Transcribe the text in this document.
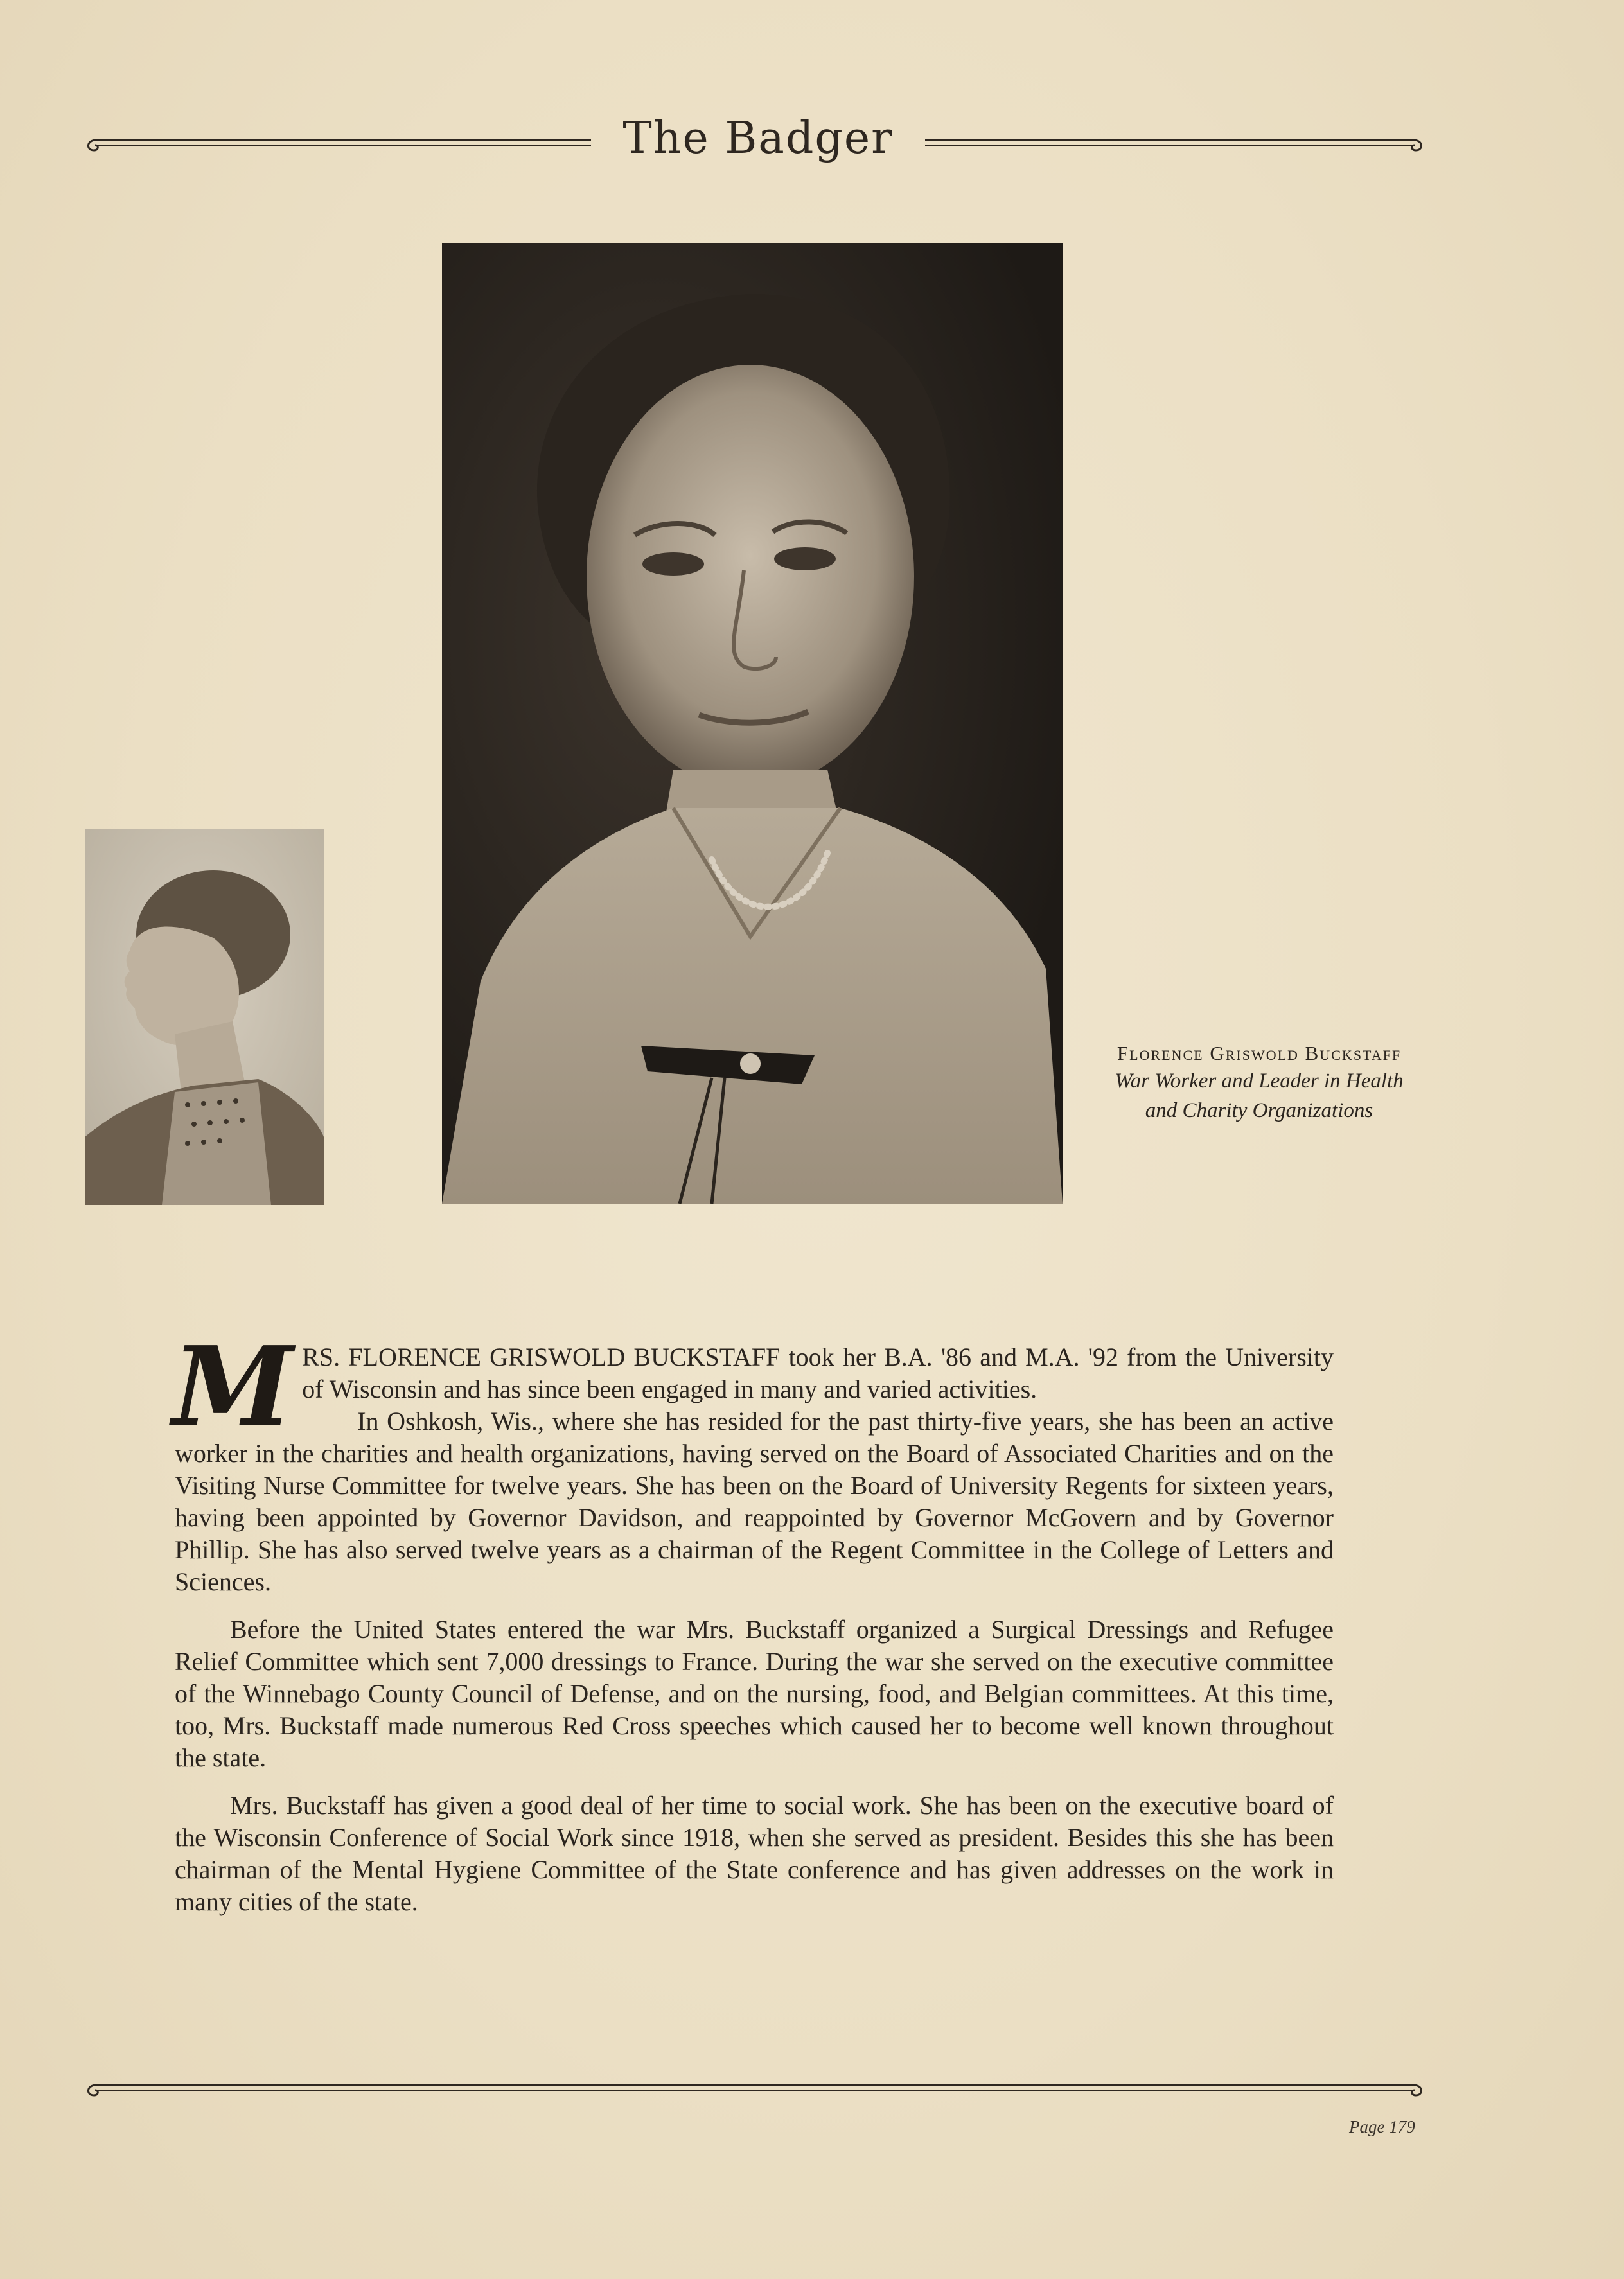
The Badger
Florence Griswold Buckstaff
War Worker and Leader in Health
and Charity Organizations

M RS. FLORENCE GRISWOLD BUCKSTAFF took her B.A. '86 and M.A. '92 from the University of Wisconsin and has since been engaged in many and varied activities.
In Oshkosh, Wis., where she has resided for the past thirty-five years, she has been an active worker in the charities and health organizations, having served on the Board of Associated Charities and on the Visiting Nurse Committee for twelve years. She has been on the Board of University Regents for sixteen years, having been appointed by Governor Davidson, and reappointed by Governor McGovern and by Governor Phillip. She has also served twelve years as a chairman of the Regent Committee in the College of Letters and Sciences.

Before the United States entered the war Mrs. Buckstaff organized a Surgical Dressings and Refugee Relief Committee which sent 7,000 dressings to France. During the war she served on the executive committee of the Winnebago County Council of Defense, and on the nursing, food, and Belgian committees. At this time, too, Mrs. Buckstaff made numerous Red Cross speeches which caused her to become well known throughout the state.

Mrs. Buckstaff has given a good deal of her time to social work. She has been on the executive board of the Wisconsin Conference of Social Work since 1918, when she served as president. Besides this she has been chairman of the Mental Hygiene Committee of the State conference and has given addresses on the work in many cities of the state.

Page 179
